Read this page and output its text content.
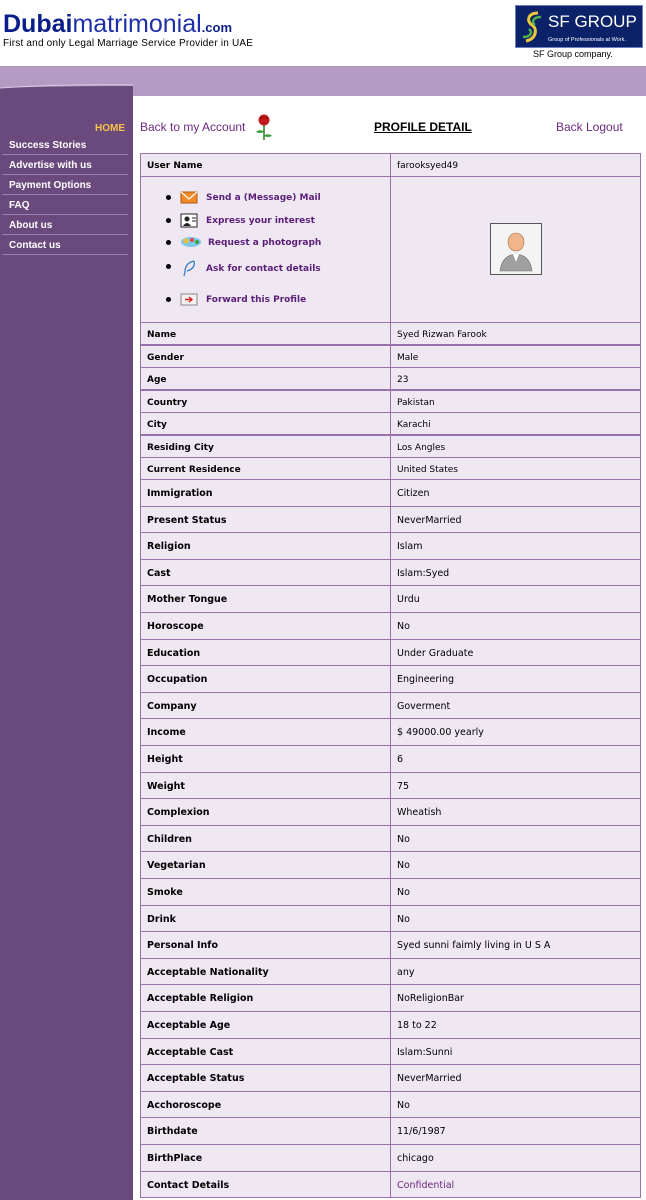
Dubaimatrimonial.com
First and only Legal Marriage Service Provider in UAE
SF GROUP
Group of Professionals at Work.
SF Group company.
HOME
Success Stories
Advertise with us
Payment Options
FAQ
About us
Contact us
Back to my Account	PROFILE DETAIL	Back Logout
User Name	farooksyed49
Send a (Message) Mail
Express your interest
Request a photograph
Ask for contact details
Forward this Profile
Name	Syed Rizwan Farook
Gender	Male
Age	23
Country	Pakistan
City	Karachi
Residing City	Los Angles
Current Residence	United States
Immigration	Citizen
Present Status	NeverMarried
Religion	Islam
Cast	Islam:Syed
Mother Tongue	Urdu
Horoscope	No
Education	Under Graduate
Occupation	Engineering
Company	Goverment
Income	$ 49000.00 yearly
Height	6
Weight	75
Complexion	Wheatish
Children	No
Vegetarian	No
Smoke	No
Drink	No
Personal Info	Syed sunni faimly living in U S A
Acceptable Nationality	any
Acceptable Religion	NoReligionBar
Acceptable Age	18 to 22
Acceptable Cast	Islam:Sunni
Acceptable Status	NeverMarried
Acchoroscope	No
Birthdate	11/6/1987
BirthPlace	chicago
Contact Details	Confidential
